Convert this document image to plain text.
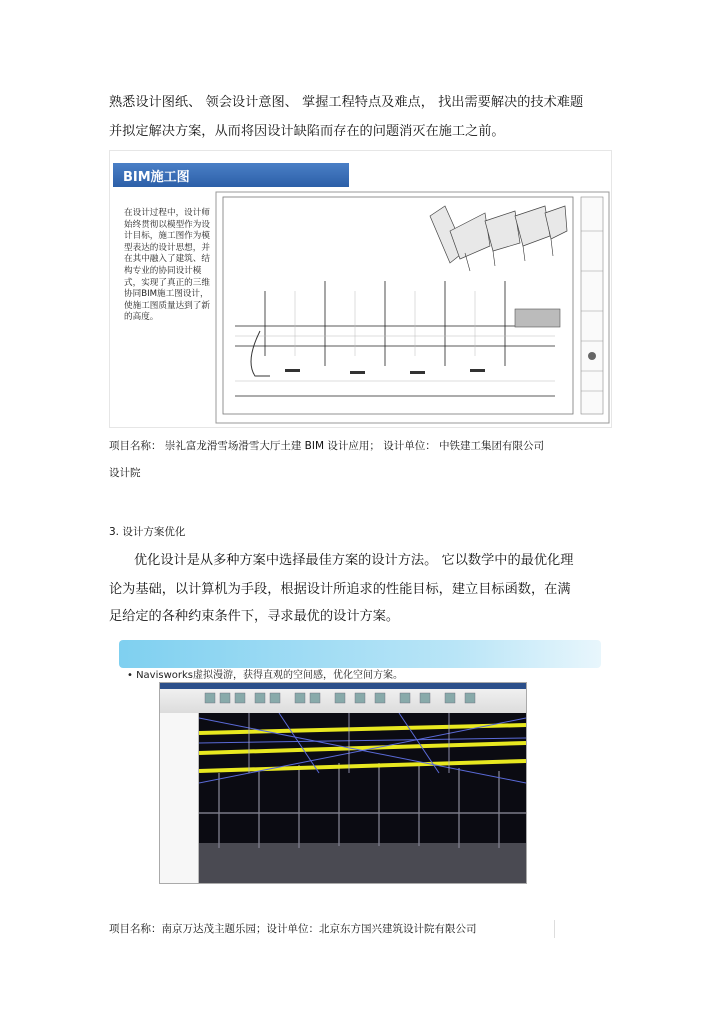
熟悉设计图纸、 领会设计意图、 掌握工程特点及难点， 找出需要解决的技术难题

并拟定解决方案，从而将因设计缺陷而存在的问题消灭在施工之前。

BIM施工图
在设计过程中，设计师始终贯彻以模型作为设计目标，施工图作为模型表达的设计思想，并在其中融入了建筑、结构专业的协同设计模式，实现了真正的三维协同BIM施工图设计，使施工图质量达到了新的高度。

项目名称： 崇礼富龙滑雪场滑雪大厅土建 BIM 设计应用； 设计单位： 中铁建工集团有限公司

设计院

3. 设计方案优化

优化设计是从多种方案中选择最佳方案的设计方法。 它以数学中的最优化理

论为基础，以计算机为手段，根据设计所追求的性能目标，建立目标函数，在满

足给定的各种约束条件下，寻求最优的设计方案。

• Navisworks虚拟漫游，获得直观的空间感，优化空间方案。

项目名称：南京万达茂主题乐园；设计单位：北京东方国兴建筑设计院有限公司
